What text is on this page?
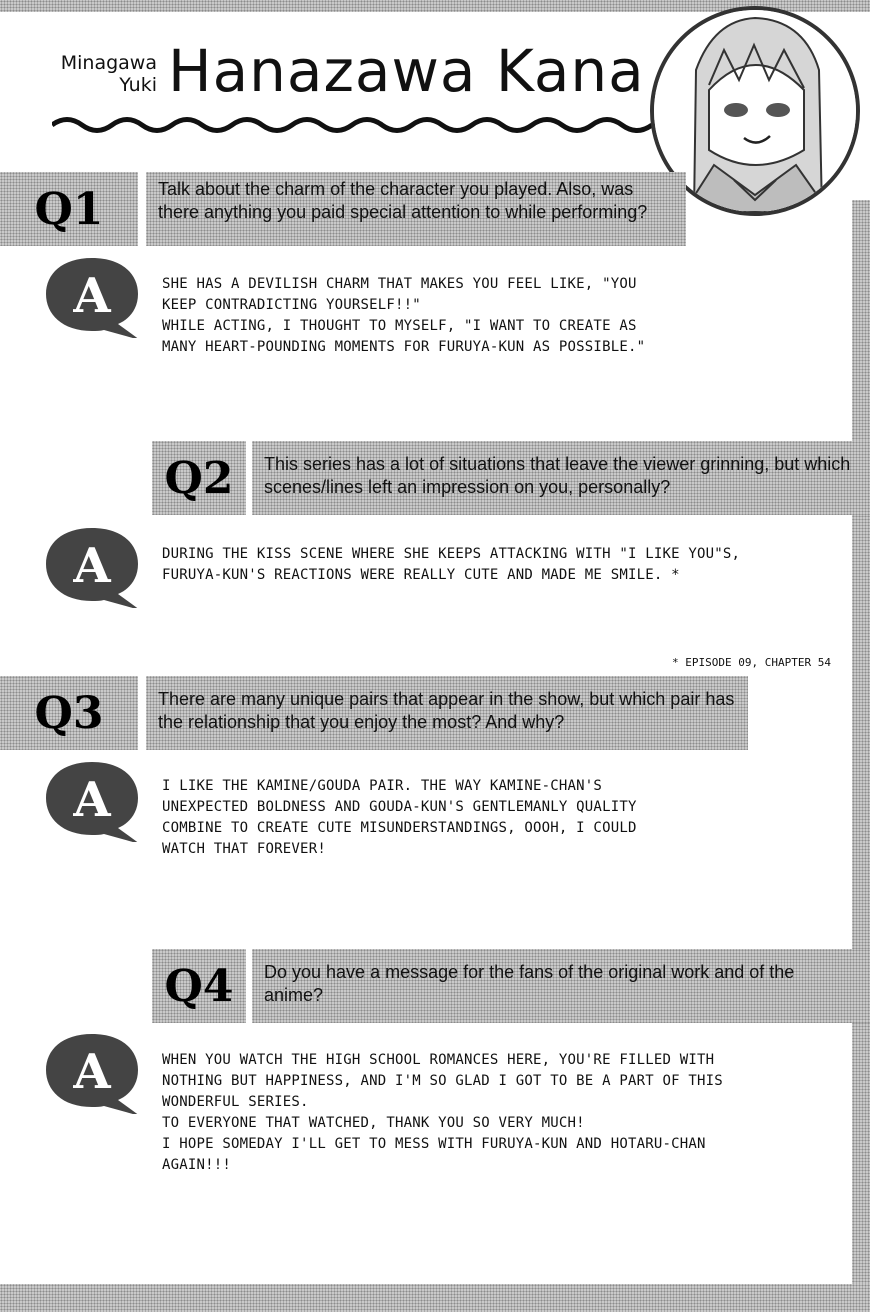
Minagawa
Yuki Hanazawa Kana
Q1	Talk about the charm of the character you played. Also, was there anything you paid special attention to while performing?
A	SHE HAS A DEVILISH CHARM THAT MAKES YOU FEEL LIKE, "YOU
KEEP CONTRADICTING YOURSELF!!"
WHILE ACTING, I THOUGHT TO MYSELF, "I WANT TO CREATE AS
MANY HEART-POUNDING MOMENTS FOR FURUYA-KUN AS POSSIBLE."
Q2	This series has a lot of situations that leave the viewer grinning, but which scenes/lines left an impression on you, personally?
A	DURING THE KISS SCENE WHERE SHE KEEPS ATTACKING WITH "I LIKE YOU"S,
FURUYA-KUN'S REACTIONS WERE REALLY CUTE AND MADE ME SMILE. *
* EPISODE 09, CHAPTER 54
Q3	There are many unique pairs that appear in the show, but which pair has the relationship that you enjoy the most? And why?
A	I LIKE THE KAMINE/GOUDA PAIR. THE WAY KAMINE-CHAN'S
UNEXPECTED BOLDNESS AND GOUDA-KUN'S GENTLEMANLY QUALITY
COMBINE TO CREATE CUTE MISUNDERSTANDINGS, OOOH, I COULD
WATCH THAT FOREVER!
Q4	Do you have a message for the fans of the original work and of the anime?
A	WHEN YOU WATCH THE HIGH SCHOOL ROMANCES HERE, YOU'RE FILLED WITH
NOTHING BUT HAPPINESS, AND I'M SO GLAD I GOT TO BE A PART OF THIS
WONDERFUL SERIES.
TO EVERYONE THAT WATCHED, THANK YOU SO VERY MUCH!
I HOPE SOMEDAY I'LL GET TO MESS WITH FURUYA-KUN AND HOTARU-CHAN
AGAIN!!!
